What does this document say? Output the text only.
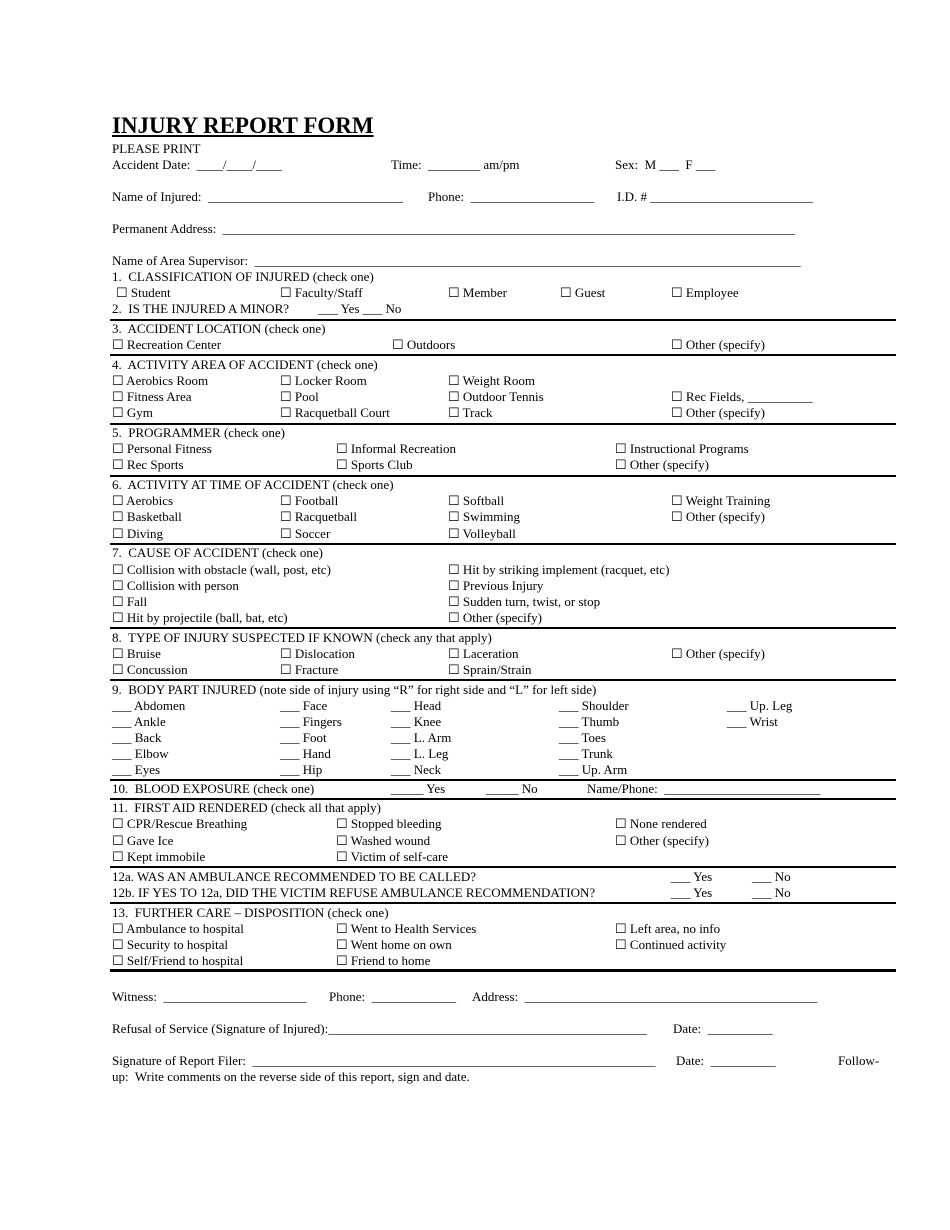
INJURY REPORT FORM
PLEASE PRINT
Accident Date:  ____/____/____	Time:  ________ am/pm	Sex:  M ___  F ___
Name of Injured:  ______________________________ Phone:  ___________________ I.D. # _________________________
Permanent Address:  ________________________________________________________________________________________
Name of Area Supervisor:  ____________________________________________________________________________________
1.  CLASSIFICATION OF INJURED (check one)
☐ Student	☐ Faculty/Staff	☐ Member	☐ Guest	☐ Employee
2.  IS THE INJURED A MINOR?         ___ Yes ___ No
3.  ACCIDENT LOCATION (check one)
☐ Recreation Center	☐ Outdoors	☐ Other (specify)
4.  ACTIVITY AREA OF ACCIDENT (check one)
☐ Aerobics Room	☐ Locker Room	☐ Weight Room
☐ Fitness Area	☐ Pool	☐ Outdoor Tennis	☐ Rec Fields, __________
☐ Gym	☐ Racquetball Court	☐ Track	☐ Other (specify)
5.  PROGRAMMER (check one)
☐ Personal Fitness	☐ Informal Recreation	☐ Instructional Programs
☐ Rec Sports	☐ Sports Club	☐ Other (specify)
6.  ACTIVITY AT TIME OF ACCIDENT (check one)
☐ Aerobics	☐ Football	☐ Softball	☐ Weight Training
☐ Basketball	☐ Racquetball	☐ Swimming	☐ Other (specify)
☐ Diving	☐ Soccer	☐ Volleyball
7.  CAUSE OF ACCIDENT (check one)
☐ Collision with obstacle (wall, post, etc)	☐ Hit by striking implement (racquet, etc)
☐ Collision with person	☐ Previous Injury
☐ Fall	☐ Sudden turn, twist, or stop
☐ Hit by projectile (ball, bat, etc)	☐ Other (specify)
8.  TYPE OF INJURY SUSPECTED IF KNOWN (check any that apply)
☐ Bruise	☐ Dislocation	☐ Laceration	☐ Other (specify)
☐ Concussion	☐ Fracture	☐ Sprain/Strain
9.  BODY PART INJURED (note side of injury using “R” for right side and “L” for left side)
___ Abdomen	___ Face	___ Head	___ Shoulder	___ Up. Leg
___ Ankle	___ Fingers	___ Knee	___ Thumb	___ Wrist
___ Back	___ Foot	___ L. Arm	___ Toes
___ Elbow	___ Hand	___ L. Leg	___ Trunk
___ Eyes	___ Hip	___ Neck	___ Up. Arm
10.  BLOOD EXPOSURE (check one)	_____ Yes	_____ No	Name/Phone:  ________________________
11.  FIRST AID RENDERED (check all that apply)
☐ CPR/Rescue Breathing	☐ Stopped bleeding	☐ None rendered
☐ Gave Ice	☐ Washed wound	☐ Other (specify)
☐ Kept immobile	☐ Victim of self-care
12a. WAS AN AMBULANCE RECOMMENDED TO BE CALLED?	___ Yes	___ No
12b. IF YES TO 12a, DID THE VICTIM REFUSE AMBULANCE RECOMMENDATION?	___ Yes	___ No
13.  FURTHER CARE – DISPOSITION (check one)
☐ Ambulance to hospital	☐ Went to Health Services	☐ Left area, no info
☐ Security to hospital	☐ Went home on own	☐ Continued activity
☐ Self/Friend to hospital	☐ Friend to home
Witness:  ______________________ Phone:  _____________ Address:  _____________________________________________
Refusal of Service (Signature of Injured):_________________________________________________ Date:  __________
Signature of Report Filer:  ______________________________________________________________ Date:  __________	Follow-
up:  Write comments on the reverse side of this report, sign and date.
